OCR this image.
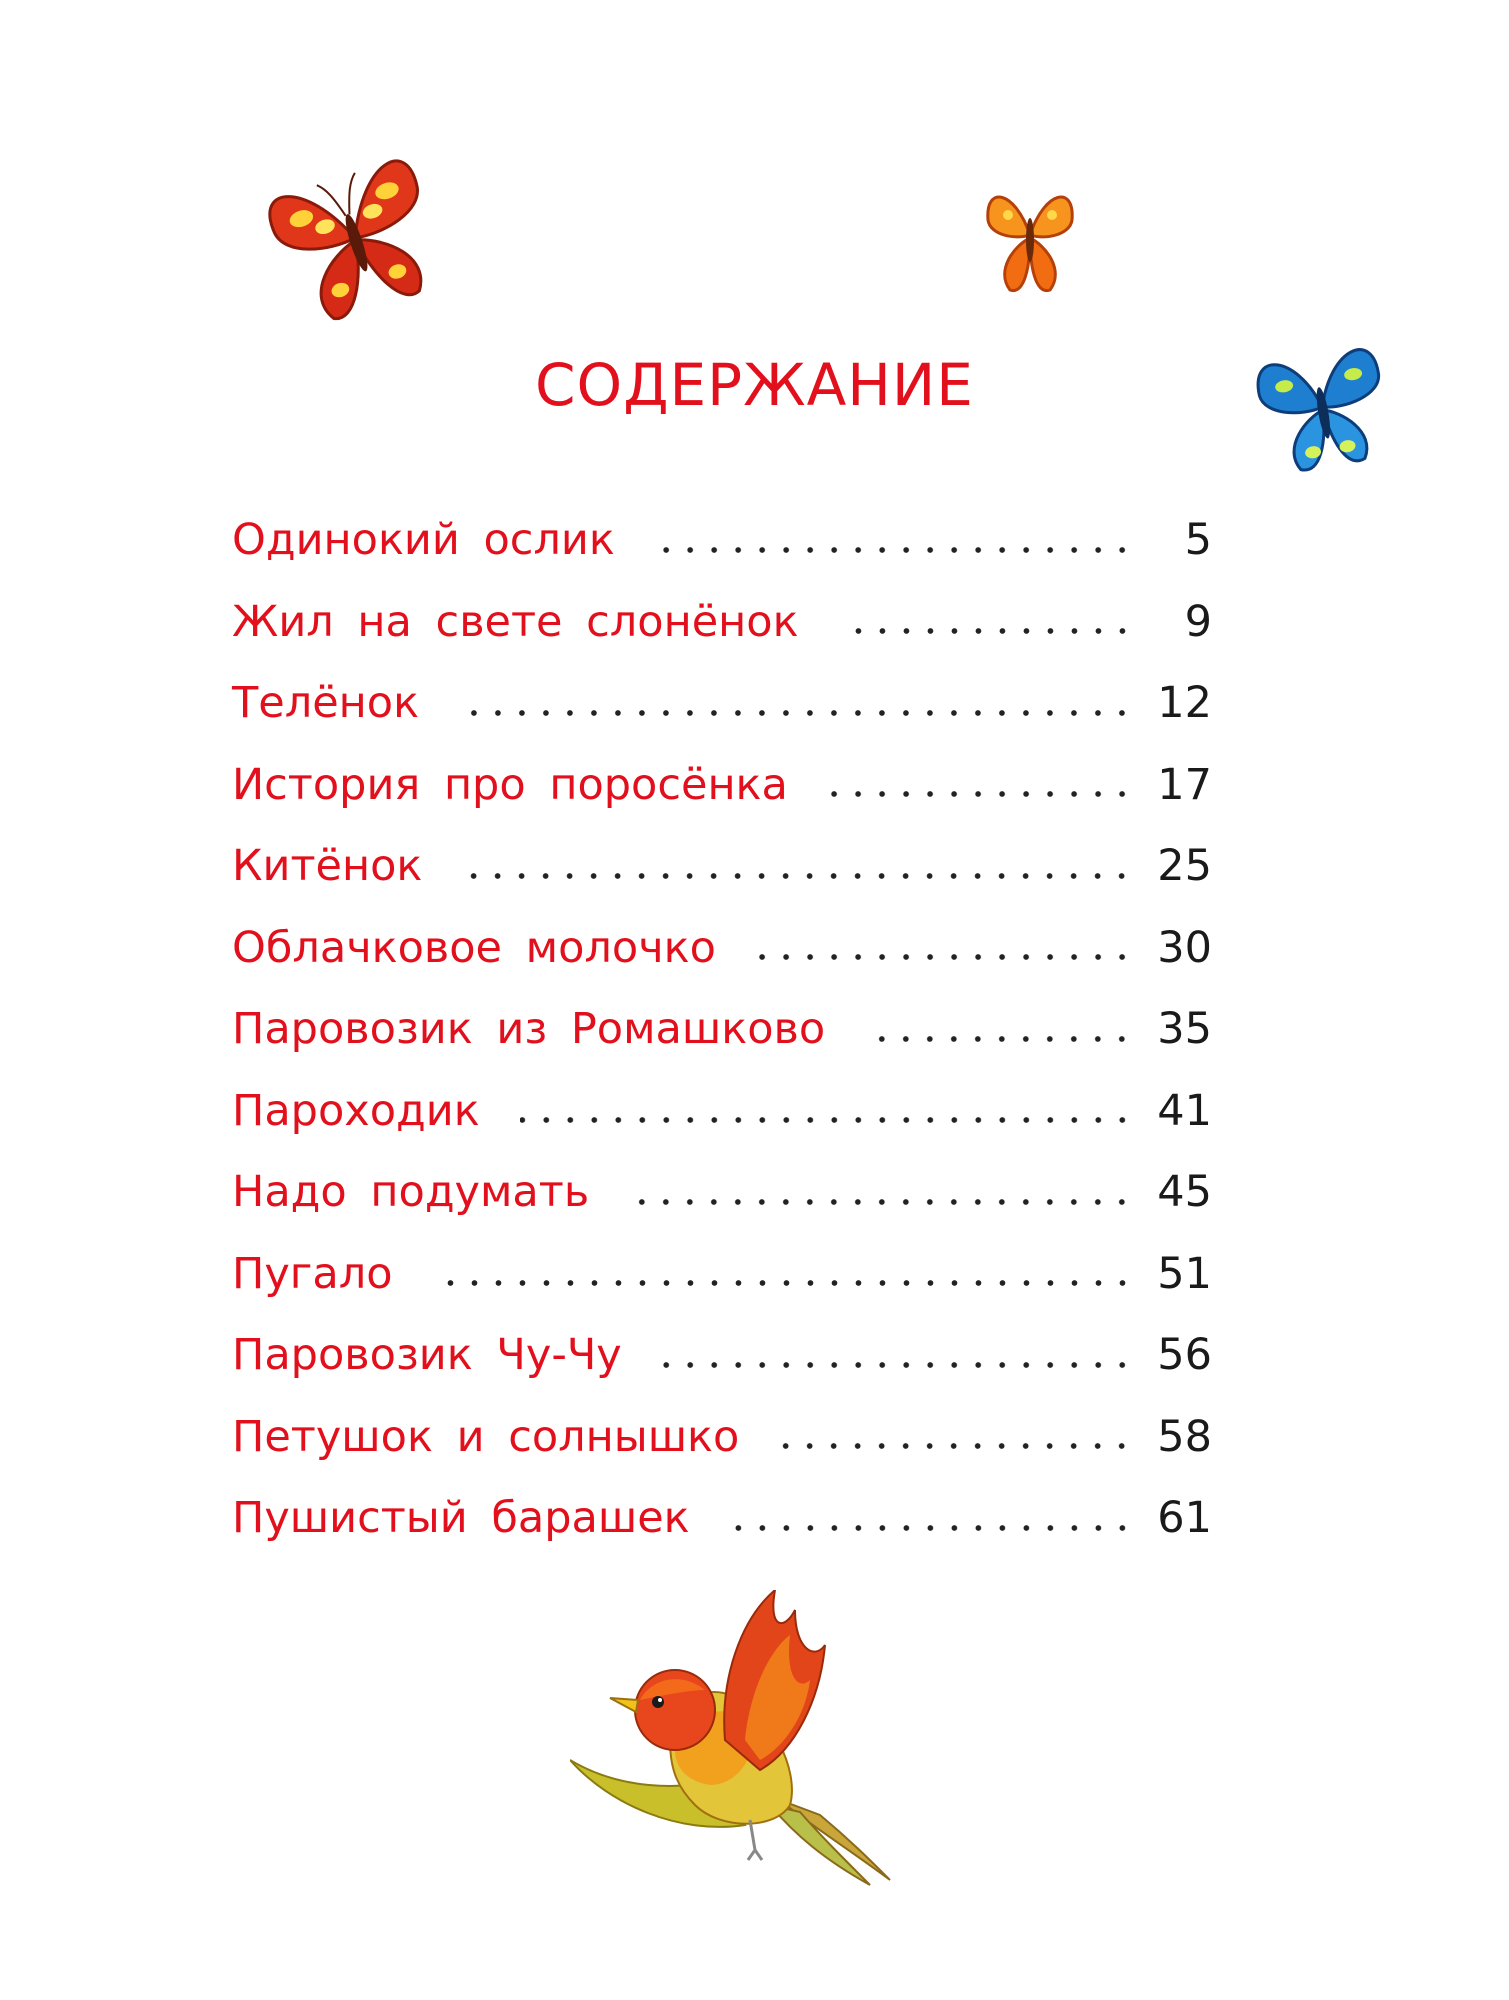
СОДЕРЖАНИЕ
Одинокий ослик	5
Жил на свете слонёнок	9
Телёнок	12
История про поросёнка	17
Китёнок	25
Облачковое молочко	30
Паровозик из Ромашково	35
Пароходик	41
Надо подумать	45
Пугало	51
Паровозик Чу-Чу	56
Петушок и солнышко	58
Пушистый барашек	61
